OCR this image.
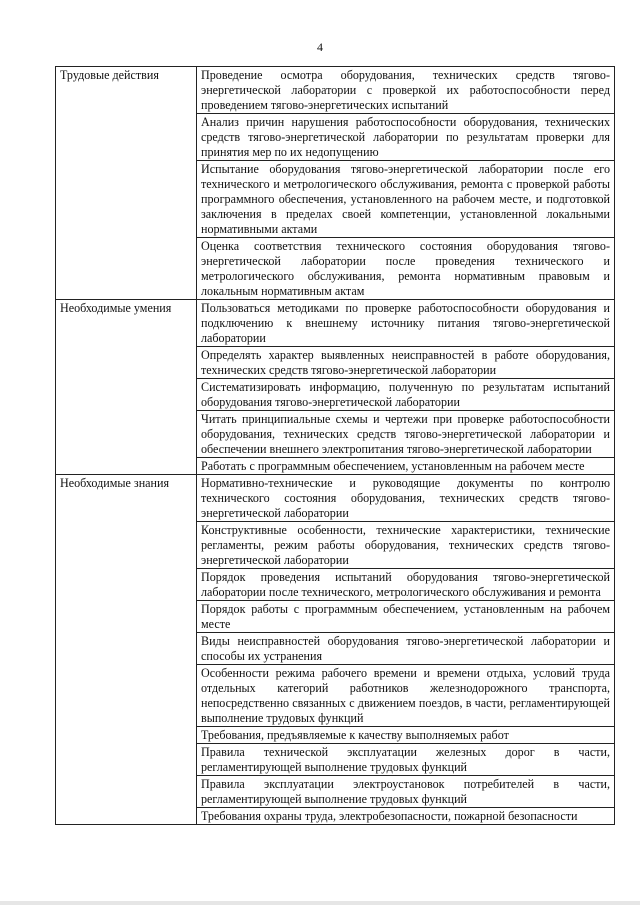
4
Трудовые действия	Проведение осмотра оборудования, технических средств тягово-энергетической лаборатории с проверкой их работоспособности перед проведением тягово-энергетических испытаний
	Анализ причин нарушения работоспособности оборудования, технических средств тягово-энергетической лаборатории по результатам проверки для принятия мер по их недопущению
	Испытание оборудования тягово-энергетической лаборатории после его технического и метрологического обслуживания, ремонта с проверкой работы программного обеспечения, установленного на рабочем месте, и подготовкой заключения в пределах своей компетенции, установленной локальными нормативными актами
	Оценка соответствия технического состояния оборудования тягово-энергетической лаборатории после проведения технического и метрологического обслуживания, ремонта нормативным правовым и локальным нормативным актам
Необходимые умения	Пользоваться методиками по проверке работоспособности оборудования и подключению к внешнему источнику питания тягово-энергетической лаборатории
	Определять характер выявленных неисправностей в работе оборудования, технических средств тягово-энергетической лаборатории
	Систематизировать информацию, полученную по результатам испытаний оборудования тягово-энергетической лаборатории
	Читать принципиальные схемы и чертежи при проверке работоспособности оборудования, технических средств тягово-энергетической лаборатории и обеспечении внешнего электропитания тягово-энергетической лаборатории
	Работать с программным обеспечением, установленным на рабочем месте
Необходимые знания	Нормативно-технические и руководящие документы по контролю технического состояния оборудования, технических средств тягово-энергетической лаборатории
	Конструктивные особенности, технические характеристики, технические регламенты, режим работы оборудования, технических средств тягово-энергетической лаборатории
	Порядок проведения испытаний оборудования тягово-энергетической лаборатории после технического, метрологического обслуживания и ремонта
	Порядок работы с программным обеспечением, установленным на рабочем месте
	Виды неисправностей оборудования тягово-энергетической лаборатории и способы их устранения
	Особенности режима рабочего времени и времени отдыха, условий труда отдельных категорий работников железнодорожного транспорта, непосредственно связанных с движением поездов, в части, регламентирующей выполнение трудовых функций
	Требования, предъявляемые к качеству выполняемых работ
	Правила технической эксплуатации железных дорог в части, регламентирующей выполнение трудовых функций
	Правила эксплуатации электроустановок потребителей в части, регламентирующей выполнение трудовых функций
	Требования охраны труда, электробезопасности, пожарной безопасности
